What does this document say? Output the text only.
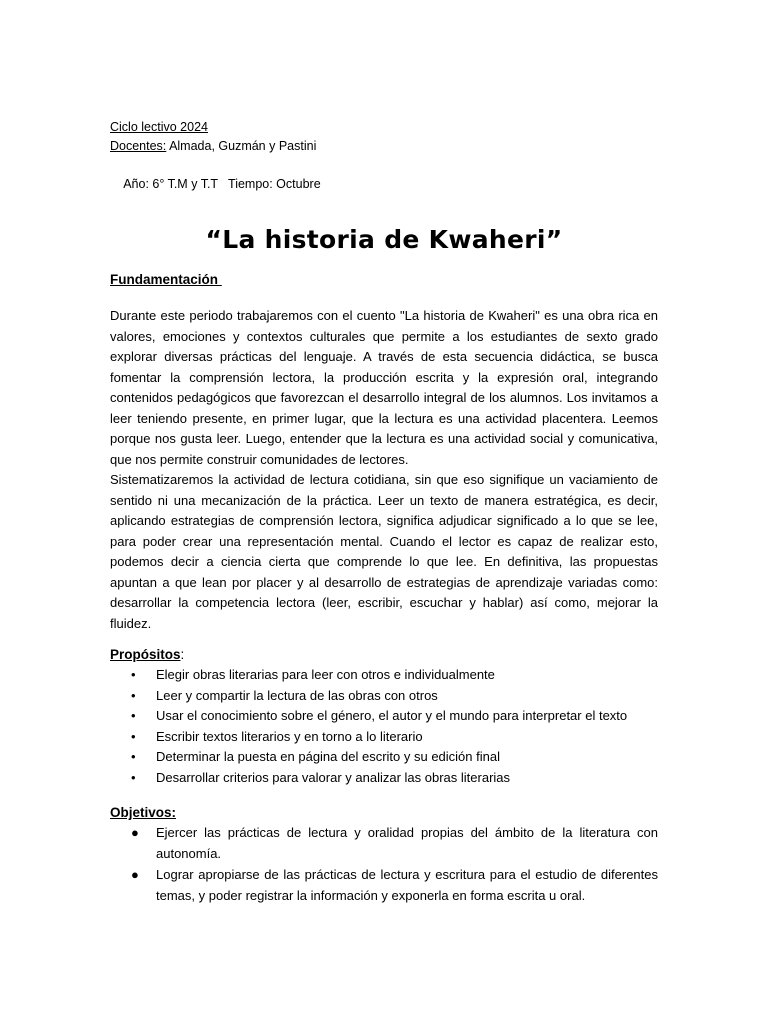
Ciclo lectivo 2024

Docentes: Almada, Guzmán y Pastini

Año: 6° T.M y T.T   Tiempo: Octubre

“La historia de Kwaheri”

Fundamentación

Durante este periodo trabajaremos con el cuento "La historia de Kwaheri" es una obra rica en valores, emociones y contextos culturales que permite a los estudiantes de sexto grado explorar diversas prácticas del lenguaje. A través de esta secuencia didáctica, se busca fomentar la comprensión lectora, la producción escrita y la expresión oral, integrando contenidos pedagógicos que favorezcan el desarrollo integral de los alumnos. Los invitamos a leer teniendo presente, en primer lugar, que la lectura es una actividad placentera. Leemos porque nos gusta leer. Luego, entender que la lectura es una actividad social y comunicativa, que nos permite construir comunidades de lectores.

Sistematizaremos la actividad de lectura cotidiana, sin que eso signifique un vaciamiento de sentido ni una mecanización de la práctica. Leer un texto de manera estratégica, es decir, aplicando estrategias de comprensión lectora, significa adjudicar significado a lo que se lee, para poder crear una representación mental. Cuando el lector es capaz de realizar esto, podemos decir a ciencia cierta que comprende lo que lee. En definitiva, las propuestas apuntan a que lean por placer y al desarrollo de estrategias de aprendizaje variadas como: desarrollar la competencia lectora (leer, escribir, escuchar y hablar) así como, mejorar la fluidez.

Propósitos:

• Elegir obras literarias para leer con otros e individualmente
• Leer y compartir la lectura de las obras con otros
• Usar el conocimiento sobre el género, el autor y el mundo para interpretar el texto
• Escribir textos literarios y en torno a lo literario
• Determinar la puesta en página del escrito y su edición final
• Desarrollar criterios para valorar y analizar las obras literarias

Objetivos:

● Ejercer las prácticas de lectura y oralidad propias del ámbito de la literatura con autonomía.
● Lograr apropiarse de las prácticas de lectura y escritura para el estudio de diferentes temas, y poder registrar la información y exponerla en forma escrita u oral.
